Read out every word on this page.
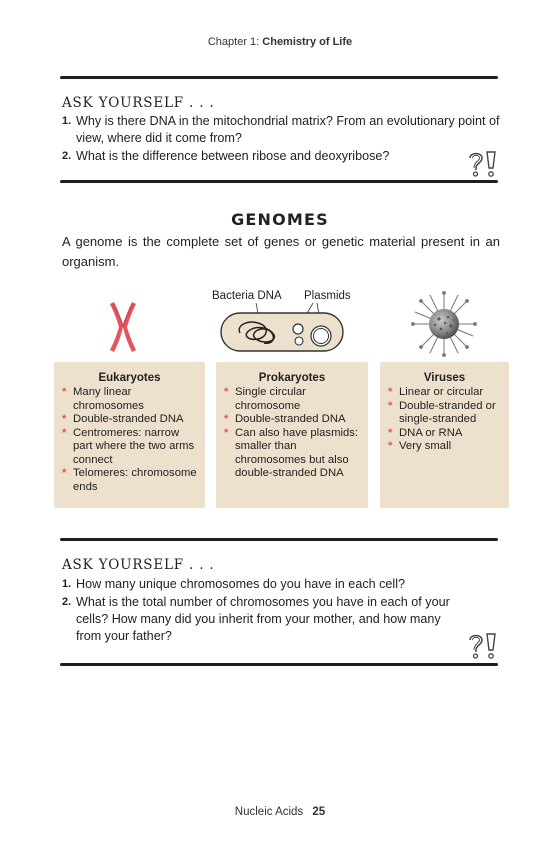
Chapter 1: Chemistry of Life
ASK YOURSELF . . .
1. Why is there DNA in the mitochondrial matrix? From an evolutionary point of view, where did it come from?
2. What is the difference between ribose and deoxyribose?
GENOMES
A genome is the complete set of genes or genetic material present in an organism.
Bacteria DNA Plasmids
Eukaryotes
* Many linear chromosomes
* Double-stranded DNA
* Centromeres: narrow part where the two arms connect
* Telomeres: chromosome ends
Prokaryotes
* Single circular chromosome
* Double-stranded DNA
* Can also have plasmids: smaller than chromosomes but also double-stranded DNA
Viruses
* Linear or circular
* Double-stranded or single-stranded
* DNA or RNA
* Very small
ASK YOURSELF . . .
1. How many unique chromosomes do you have in each cell?
2. What is the total number of chromosomes you have in each of your cells? How many did you inherit from your mother, and how many from your father?
Nucleic Acids 25
